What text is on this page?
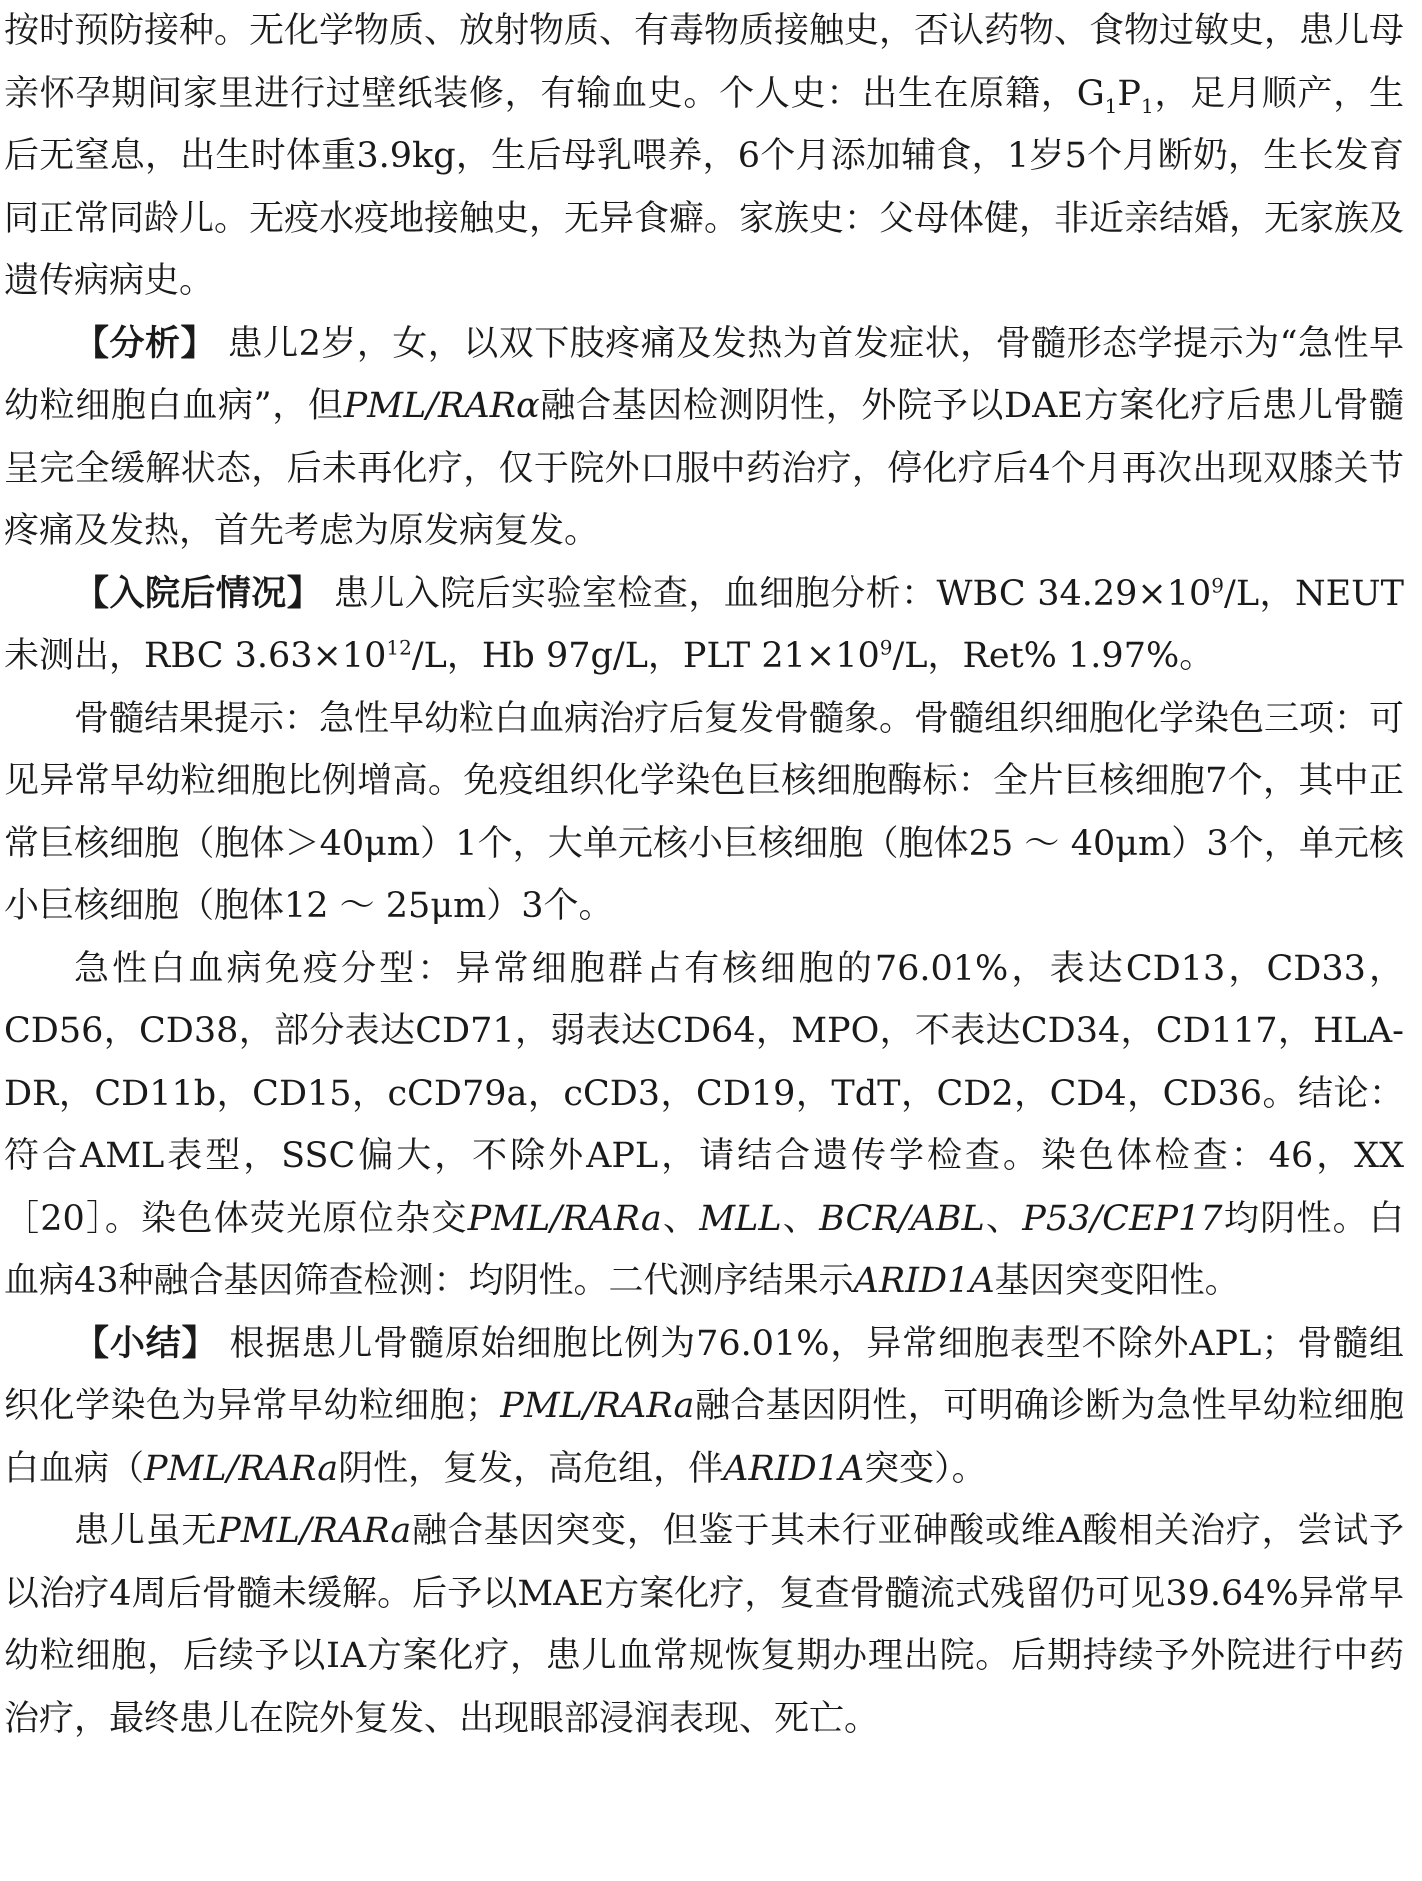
按时预防接种。无化学物质、放射物质、有毒物质接触史，否认药物、食物过敏史，患儿母亲怀孕期间家里进行过壁纸装修，有输血史。个人史：出生在原籍，$G_1P_1$，足月顺产，生后无窒息，出生时体重3.9kg，生后母乳喂养，6个月添加辅食，1岁5个月断奶，生长发育同正常同龄儿。无疫水疫地接触史，无异食癖。家族史：父母体健，非近亲结婚，无家族及遗传病病史。

【分析】 患儿2岁，女，以双下肢疼痛及发热为首发症状，骨髓形态学提示为“急性早幼粒细胞白血病”，但PML/RARα融合基因检测阴性，外院予以DAE方案化疗后患儿骨髓呈完全缓解状态，后未再化疗，仅于院外口服中药治疗，停化疗后4个月再次出现双膝关节疼痛及发热，首先考虑为原发病复发。

【入院后情况】 患儿入院后实验室检查，血细胞分析：WBC $34.29\times 10^9/L$，NEUT未测出，RBC $3.63\times 10^{12}/L$，Hb 97g/L，PLT $21\times 10^9/L$，Ret% 1.97%。

骨髓结果提示：急性早幼粒白血病治疗后复发骨髓象。骨髓组织细胞化学染色三项：可见异常早幼粒细胞比例增高。免疫组织化学染色巨核细胞酶标：全片巨核细胞7个，其中正常巨核细胞（胞体＞40μm）1个，大单元核小巨核细胞（胞体25 ～ 40μm）3个，单元核小巨核细胞（胞体12 ～ 25μm）3个。

急性白血病免疫分型：异常细胞群占有核细胞的76.01%，表达CD13，CD33，CD56，CD38，部分表达CD71，弱表达CD64，MPO，不表达CD34，CD117，HLA-DR，CD11b，CD15，cCD79a，cCD3，CD19，TdT，CD2，CD4，CD36。结论：符合AML表型，SSC偏大，不除外APL，请结合遗传学检查。染色体检查：46，XX［20］。染色体荧光原位杂交PML/RARa、MLL、BCR/ABL、P53/CEP17均阴性。白血病43种融合基因筛查检测：均阴性。二代测序结果示ARID1A基因突变阳性。

【小结】 根据患儿骨髓原始细胞比例为76.01%，异常细胞表型不除外APL；骨髓组织化学染色为异常早幼粒细胞；PML/RARa融合基因阴性，可明确诊断为急性早幼粒细胞白血病（PML/RARa阴性，复发，高危组，伴ARID1A突变）。

患儿虽无PML/RARa融合基因突变，但鉴于其未行亚砷酸或维A酸相关治疗，尝试予以治疗4周后骨髓未缓解。后予以MAE方案化疗，复查骨髓流式残留仍可见39.64%异常早幼粒细胞，后续予以ⅠA方案化疗，患儿血常规恢复期办理出院。后期持续予外院进行中药治疗，最终患儿在院外复发、出现眼部浸润表现、死亡。
